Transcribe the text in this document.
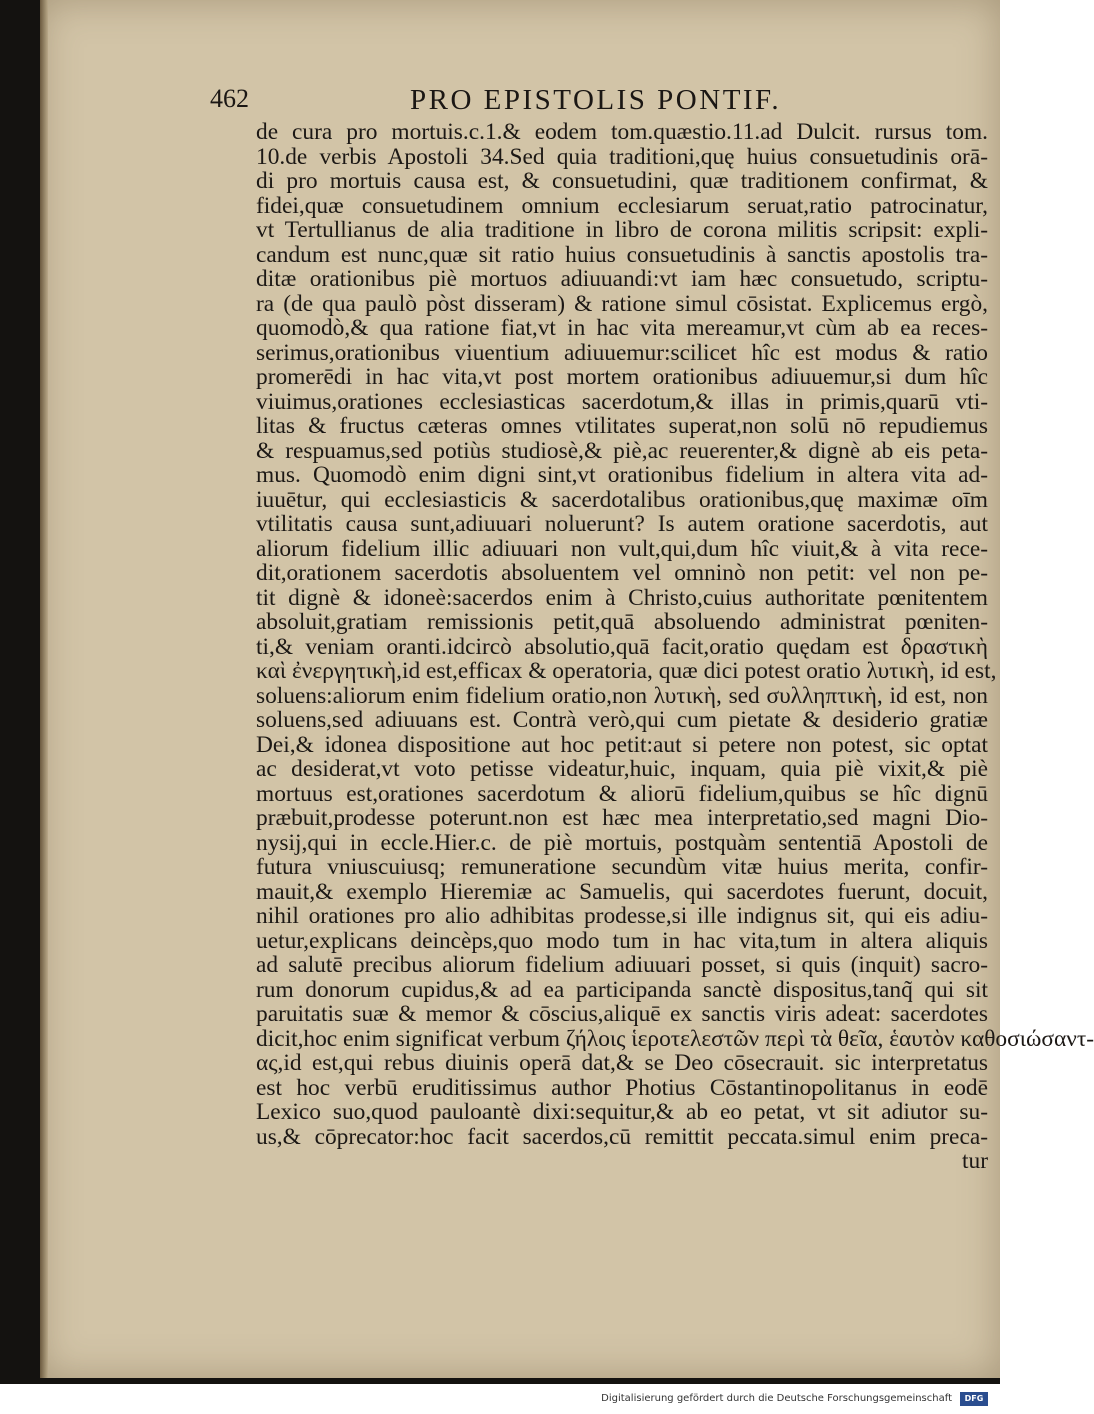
462	PRO EPISTOLIS PONTIF.
de cura pro mortuis.c.1.& eodem tom.quæstio.11.ad Dulcit. rursus tom.
10.de verbis Apostoli 34.Sed quia traditioni,quę huius consuetudinis orā-
di pro mortuis causa est, & consuetudini, quæ traditionem confirmat, &
fidei,quæ consuetudinem omnium ecclesiarum seruat,ratio patrocinatur,
vt Tertullianus de alia traditione in libro de corona militis scripsit: expli-
candum est nunc,quæ sit ratio huius consuetudinis à sanctis apostolis tra-
ditæ orationibus piè mortuos adiuuandi:vt iam hæc consuetudo, scriptu-
ra (de qua paulò pòst disseram) & ratione simul cōsistat. Explicemus ergò,
quomodò,& qua ratione fiat,vt in hac vita mereamur,vt cùm ab ea reces-
serimus,orationibus viuentium adiuuemur:scilicet hîc est modus & ratio
promerēdi in hac vita,vt post mortem orationibus adiuuemur,si dum hîc
viuimus,orationes ecclesiasticas sacerdotum,& illas in primis,quarū vti-
litas & fructus cæteras omnes vtilitates superat,non solū nō repudiemus
& respuamus,sed potiùs studiosè,& piè,ac reuerenter,& dignè ab eis peta-
mus. Quomodò enim digni sint,vt orationibus fidelium in altera vita ad-
iuuētur, qui ecclesiasticis & sacerdotalibus orationibus,quę maximæ oīm
vtilitatis causa sunt,adiuuari noluerunt? Is autem oratione sacerdotis, aut
aliorum fidelium illic adiuuari non vult,qui,dum hîc viuit,& à vita rece-
dit,orationem sacerdotis absoluentem vel omninò non petit: vel non pe-
tit dignè & idoneè:sacerdos enim à Christo,cuius authoritate pœnitentem
absoluit,gratiam remissionis petit,quā absoluendo administrat pœniten-
ti,& veniam oranti.idcircò absolutio,quā facit,oratio quędam est δραστικὴ
καὶ ἐνεργητικὴ,id est,efficax & operatoria, quæ dici potest oratio λυτικὴ, id est,
soluens:aliorum enim fidelium oratio,non λυτικὴ, sed συλληπτικὴ, id est, non
soluens,sed adiuuans est. Contrà verò,qui cum pietate & desiderio gratiæ
Dei,& idonea dispositione aut hoc petit:aut si petere non potest, sic optat
ac desiderat,vt voto petisse videatur,huic, inquam, quia piè vixit,& piè
mortuus est,orationes sacerdotum & aliorū fidelium,quibus se hîc dignū
præbuit,prodesse poterunt.non est hæc mea interpretatio,sed magni Dio-
nysij,qui in eccle.Hier.c. de piè mortuis, postquàm sententiā Apostoli de
futura vniuscuiusq; remuneratione secundùm vitæ huius merita, confir-
mauit,& exemplo Hieremiæ ac Samuelis, qui sacerdotes fuerunt, docuit,
nihil orationes pro alio adhibitas prodesse,si ille indignus sit, qui eis adiu-
uetur,explicans deincèps,quo modo tum in hac vita,tum in altera aliquis
ad salutē precibus aliorum fidelium adiuuari posset, si quis (inquit) sacro-
rum donorum cupidus,& ad ea participanda sanctè dispositus,tanq̃ qui sit
paruitatis suæ & memor & cōscius,aliquē ex sanctis viris adeat: sacerdotes
dicit,hoc enim significat verbum ζήλοις ἱεροτελεστῶν περὶ τὰ θεῖα, ἑαυτὸν καθοσιώσαντ-
ας,id est,qui rebus diuinis operā dat,& se Deo cōsecrauit. sic interpretatus
est hoc verbū eruditissimus author Photius Cōstantinopolitanus in eodē
Lexico suo,quod pauloantè dixi:sequitur,& ab eo petat, vt sit adiutor su-
us,& cōprecator:hoc facit sacerdos,cū remittit peccata.simul enim preca-
tur
Digitalisierung gefördert durch die Deutsche Forschungsgemeinschaft	DFG
